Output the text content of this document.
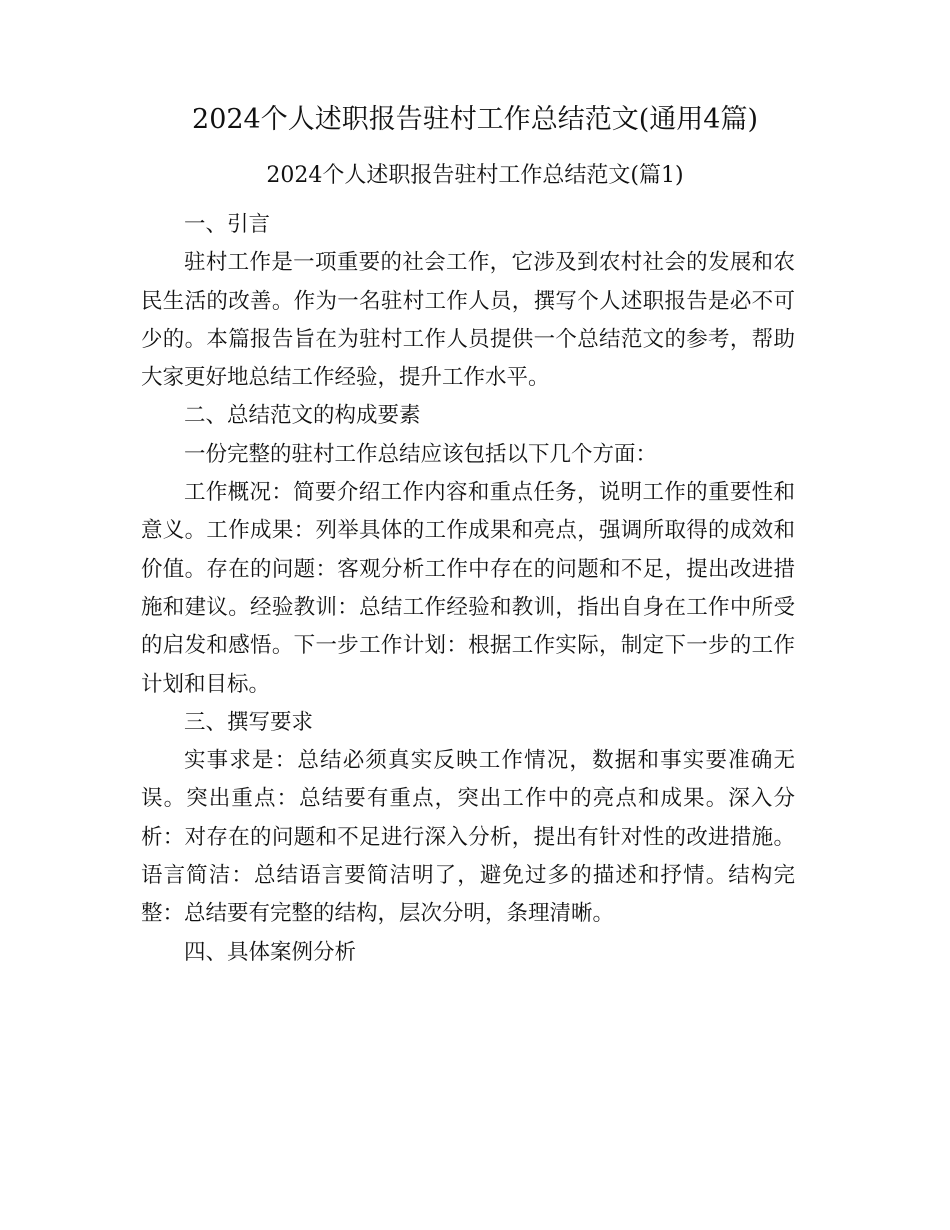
2024个人述职报告驻村工作总结范文(通用4篇)
2024个人述职报告驻村工作总结范文(篇1)

一、引言

驻村工作是一项重要的社会工作，它涉及到农村社会的发展和农民生活的改善。作为一名驻村工作人员，撰写个人述职报告是必不可少的。本篇报告旨在为驻村工作人员提供一个总结范文的参考，帮助大家更好地总结工作经验，提升工作水平。

二、总结范文的构成要素

一份完整的驻村工作总结应该包括以下几个方面：

工作概况：简要介绍工作内容和重点任务，说明工作的重要性和意义。工作成果：列举具体的工作成果和亮点，强调所取得的成效和价值。存在的问题：客观分析工作中存在的问题和不足，提出改进措施和建议。经验教训：总结工作经验和教训，指出自身在工作中所受的启发和感悟。下一步工作计划：根据工作实际，制定下一步的工作计划和目标。

三、撰写要求

实事求是：总结必须真实反映工作情况，数据和事实要准确无误。突出重点：总结要有重点，突出工作中的亮点和成果。深入分析：对存在的问题和不足进行深入分析，提出有针对性的改进措施。语言简洁：总结语言要简洁明了，避免过多的描述和抒情。结构完整：总结要有完整的结构，层次分明，条理清晰。

四、具体案例分析
